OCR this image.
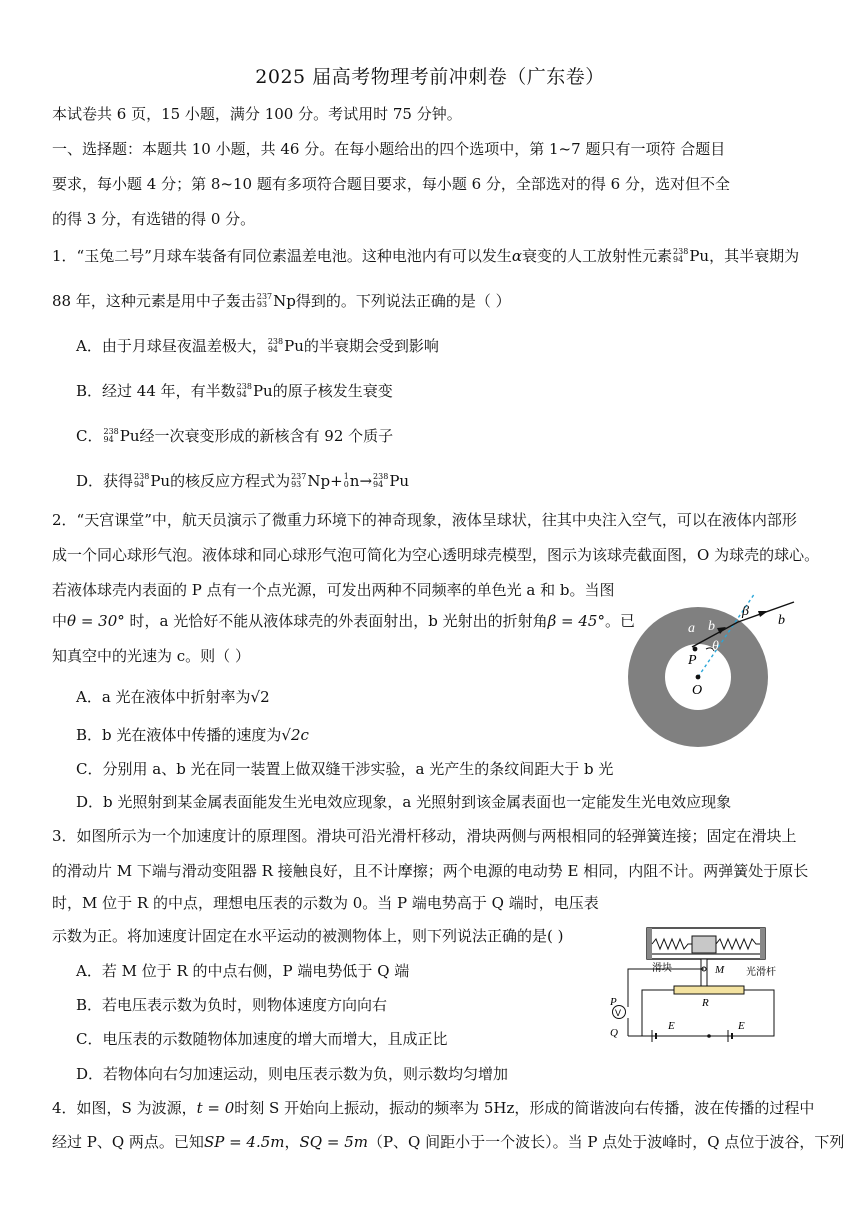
2025 届高考物理考前冲刺卷（广东卷）
本试卷共 6 页，15 小题，满分 100 分。考试用时 75 分钟。
一、选择题：本题共 10 小题，共 46 分。在每小题给出的四个选项中，第 1~7 题只有一项符 合题目
要求，每小题 4 分；第 8~10 题有多项符合题目要求，每小题 6 分，全部选对的得 6 分，选对但不全
的得 3 分，有选错的得 0 分。
1．“玉兔二号”月球车装备有同位素温差电池。这种电池内有可以发生α衰变的人工放射性元素 238
94 Pu，其半衰期为
88 年，这种元素是用中子轰击 237
93 Np得到的。下列说法正确的是（ ）
A．由于月球昼夜温差极大， 238
94 Pu的半衰期会受到影响
B．经过 44 年，有半数 238
94 Pu的原子核发生衰变
C． 238
94 Pu经一次衰变形成的新核含有 92 个质子
D．获得 238
94 Pu的核反应方程式为 237
93 Np+ 1
0 n→ 238
94 Pu
2．“天宫课堂”中，航天员演示了微重力环境下的神奇现象，液体呈球状，往其中央注入空气，可以在液体内部形
成一个同心球形气泡。液体球和同心球形气泡可简化为空心透明球壳模型，图示为该球壳截面图，O 为球壳的球心。
若液体球壳内表面的 P 点有一个点光源，可发出两种不同频率的单色光 a 和 b。当图
中θ = 30° 时，a 光恰好不能从液体球壳的外表面射出，b 光射出的折射角β = 45°。已
知真空中的光速为 c。则（ ）
A．a 光在液体中折射率为√2
B．b 光在液体中传播的速度为√2c
C．分别用 a、b 光在同一装置上做双缝干涉实验，a 光产生的条纹间距大于 b 光
D．b 光照射到某金属表面能发生光电效应现象，a 光照射到该金属表面也一定能发生光电效应现象
β
θ
a b	b
P
O
3．如图所示为一个加速度计的原理图。滑块可沿光滑杆移动，滑块两侧与两根相同的轻弹簧连接；固定在滑块上
的滑动片 M 下端与滑动变阻器 R 接触良好，且不计摩擦；两个电源的电动势 E 相同，内阻不计。两弹簧处于原长
时，M 位于 R 的中点，理想电压表的示数为 0。当 P 端电势高于 Q 端时，电压表
示数为正。将加速度计固定在水平运动的被测物体上，则下列说法正确的是( )
A．若 M 位于 R 的中点右侧，P 端电势低于 Q 端
B．若电压表示数为负时，则物体速度方向向右
C．电压表的示数随物体加速度的增大而增大，且成正比
D．若物体向右匀加速运动，则电压表示数为负，则示数均匀增加
滑块	M 光滑杆
R
P
V
Q
E	E
4．如图，S 为波源，t = 0时刻 S 开始向上振动，振动的频率为 5Hz，形成的简谐波向右传播，波在传播的过程中
经过 P、Q 两点。已知SP = 4.5m，SQ = 5m（P、Q 间距小于一个波长）。当 P 点处于波峰时，Q 点位于波谷，下列
